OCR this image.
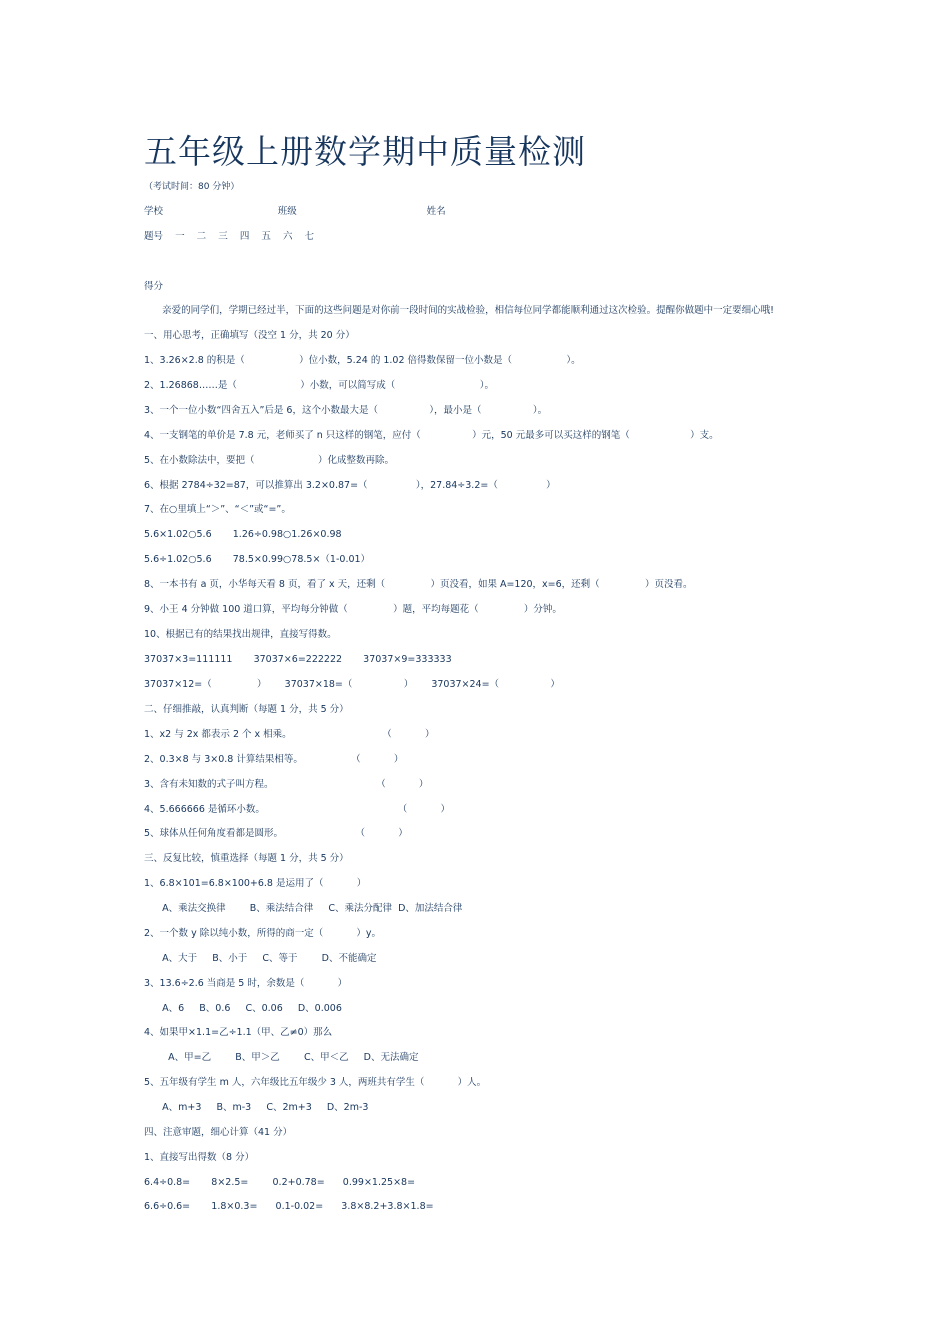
五年级上册数学期中质量检测
（考试时间：80 分钟）
学校                                      班级                                           姓名
题号    一    二    三    四    五    六    七
得分
亲爱的同学们，学期已经过半，下面的这些问题是对你前一段时间的实战检验，相信每位同学都能顺利通过这次检验。提醒你做题中一定要细心哦!
一、用心思考，正确填写（没空 1 分，共 20 分）
1、3.26×2.8 的积是（                  ）位小数，5.24 的 1.02 倍得数保留一位小数是（                  ）。
2、1.26868……是（                     ）小数，可以简写成（                            ）。
3、一个一位小数“四舍五入”后是 6，这个小数最大是（                 ），最小是（                 ）。
4、一支钢笔的单价是 7.8 元，老师买了 n 只这样的钢笔，应付（                 ）元，50 元最多可以买这样的钢笔（                    ）支。
5、在小数除法中，要把（                     ）化成整数再除。
6、根据 2784÷32=87，可以推算出 3.2×0.87=（                ），27.84÷3.2=（                ）
7、在○里填上“＞”、“＜”或“=”。
5.6×1.02○5.6       1.26÷0.98○1.26×0.98
5.6÷1.02○5.6       78.5×0.99○78.5×（1-0.01）
8、一本书有 a 页，小华每天看 8 页，看了 x 天，还剩（               ）页没看，如果 A=120，x=6，还剩（               ）页没看。
9、小王 4 分钟做 100 道口算，平均每分钟做（               ）题，平均每题花（               ）分钟。
10、根据已有的结果找出规律，直接写得数。
37037×3=111111       37037×6=222222       37037×9=333333
37037×12=（               ）      37037×18=（                 ）      37037×24=（                 ）
二、仔细推敲，认真判断（每题 1 分，共 5 分）
1、x2 与 2x 都表示 2 个 x 相乘。                              （           ）
2、0.3×8 与 3×0.8 计算结果相等。                （           ）
3、含有未知数的式子叫方程。                                  （           ）
4、5.666666 是循环小数。                                            （           ）
5、球体从任何角度看都是圆形。                        （           ）
三、反复比较，慎重选择（每题 1 分，共 5 分）
1、6.8×101=6.8×100+6.8 是运用了（           ）
A、乘法交换律        B、乘法结合律     C、乘法分配律  D、加法结合律
2、一个数 y 除以纯小数，所得的商一定（           ）y。
A、大于     B、小于     C、等于        D、不能确定
3、13.6÷2.6 当商是 5 时，余数是（           ）
A、6     B、0.6     C、0.06     D、0.006
4、如果甲×1.1=乙÷1.1（甲、乙≠0）那么
A、甲=乙        B、甲＞乙        C、甲＜乙     D、无法确定
5、五年级有学生 m 人，六年级比五年级少 3 人，两班共有学生（           ）人。
A、m+3     B、m-3     C、2m+3     D、2m-3
四、注意审题，细心计算（41 分）
1、直接写出得数（8 分）
6.4÷0.8=       8×2.5=        0.2+0.78=      0.99×1.25×8=
6.6÷0.6=       1.8×0.3=      0.1-0.02=      3.8×8.2+3.8×1.8=
